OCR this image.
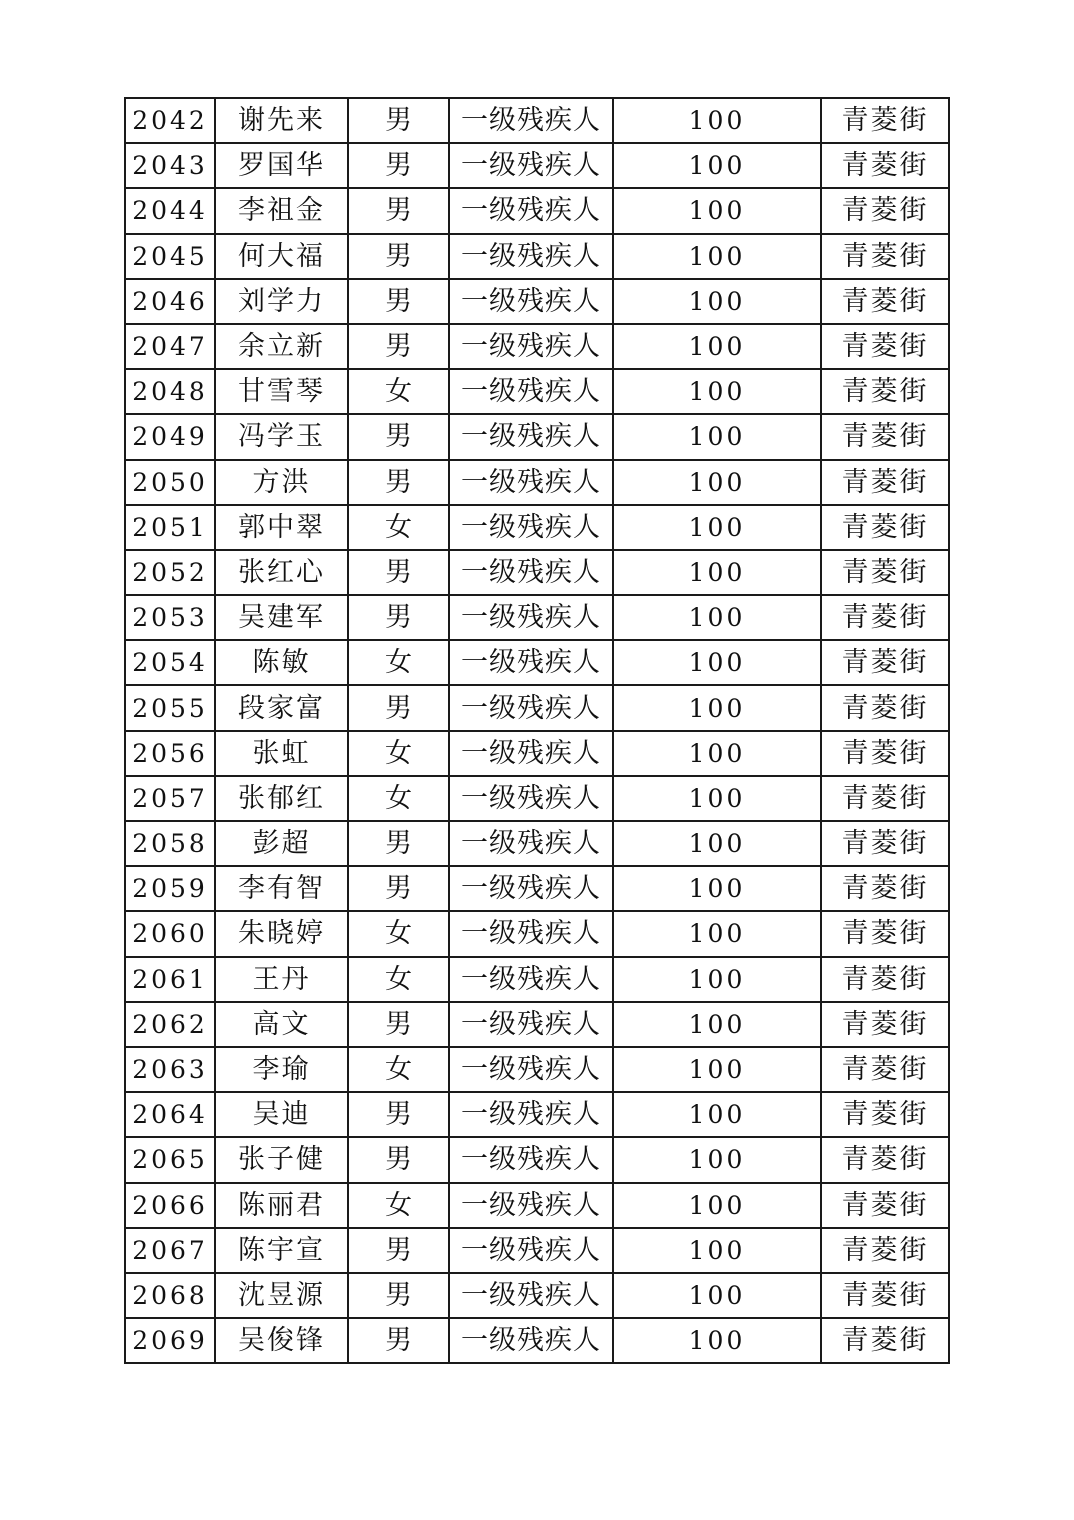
2042	谢先来	男	一级残疾人	100	青菱街
2043	罗国华	男	一级残疾人	100	青菱街
2044	李祖金	男	一级残疾人	100	青菱街
2045	何大福	男	一级残疾人	100	青菱街
2046	刘学力	男	一级残疾人	100	青菱街
2047	余立新	男	一级残疾人	100	青菱街
2048	甘雪琴	女	一级残疾人	100	青菱街
2049	冯学玉	男	一级残疾人	100	青菱街
2050	方洪	男	一级残疾人	100	青菱街
2051	郭中翠	女	一级残疾人	100	青菱街
2052	张红心	男	一级残疾人	100	青菱街
2053	吴建军	男	一级残疾人	100	青菱街
2054	陈敏	女	一级残疾人	100	青菱街
2055	段家富	男	一级残疾人	100	青菱街
2056	张虹	女	一级残疾人	100	青菱街
2057	张郁红	女	一级残疾人	100	青菱街
2058	彭超	男	一级残疾人	100	青菱街
2059	李有智	男	一级残疾人	100	青菱街
2060	朱晓婷	女	一级残疾人	100	青菱街
2061	王丹	女	一级残疾人	100	青菱街
2062	高文	男	一级残疾人	100	青菱街
2063	李瑜	女	一级残疾人	100	青菱街
2064	吴迪	男	一级残疾人	100	青菱街
2065	张子健	男	一级残疾人	100	青菱街
2066	陈丽君	女	一级残疾人	100	青菱街
2067	陈宇宣	男	一级残疾人	100	青菱街
2068	沈昱源	男	一级残疾人	100	青菱街
2069	吴俊锋	男	一级残疾人	100	青菱街
